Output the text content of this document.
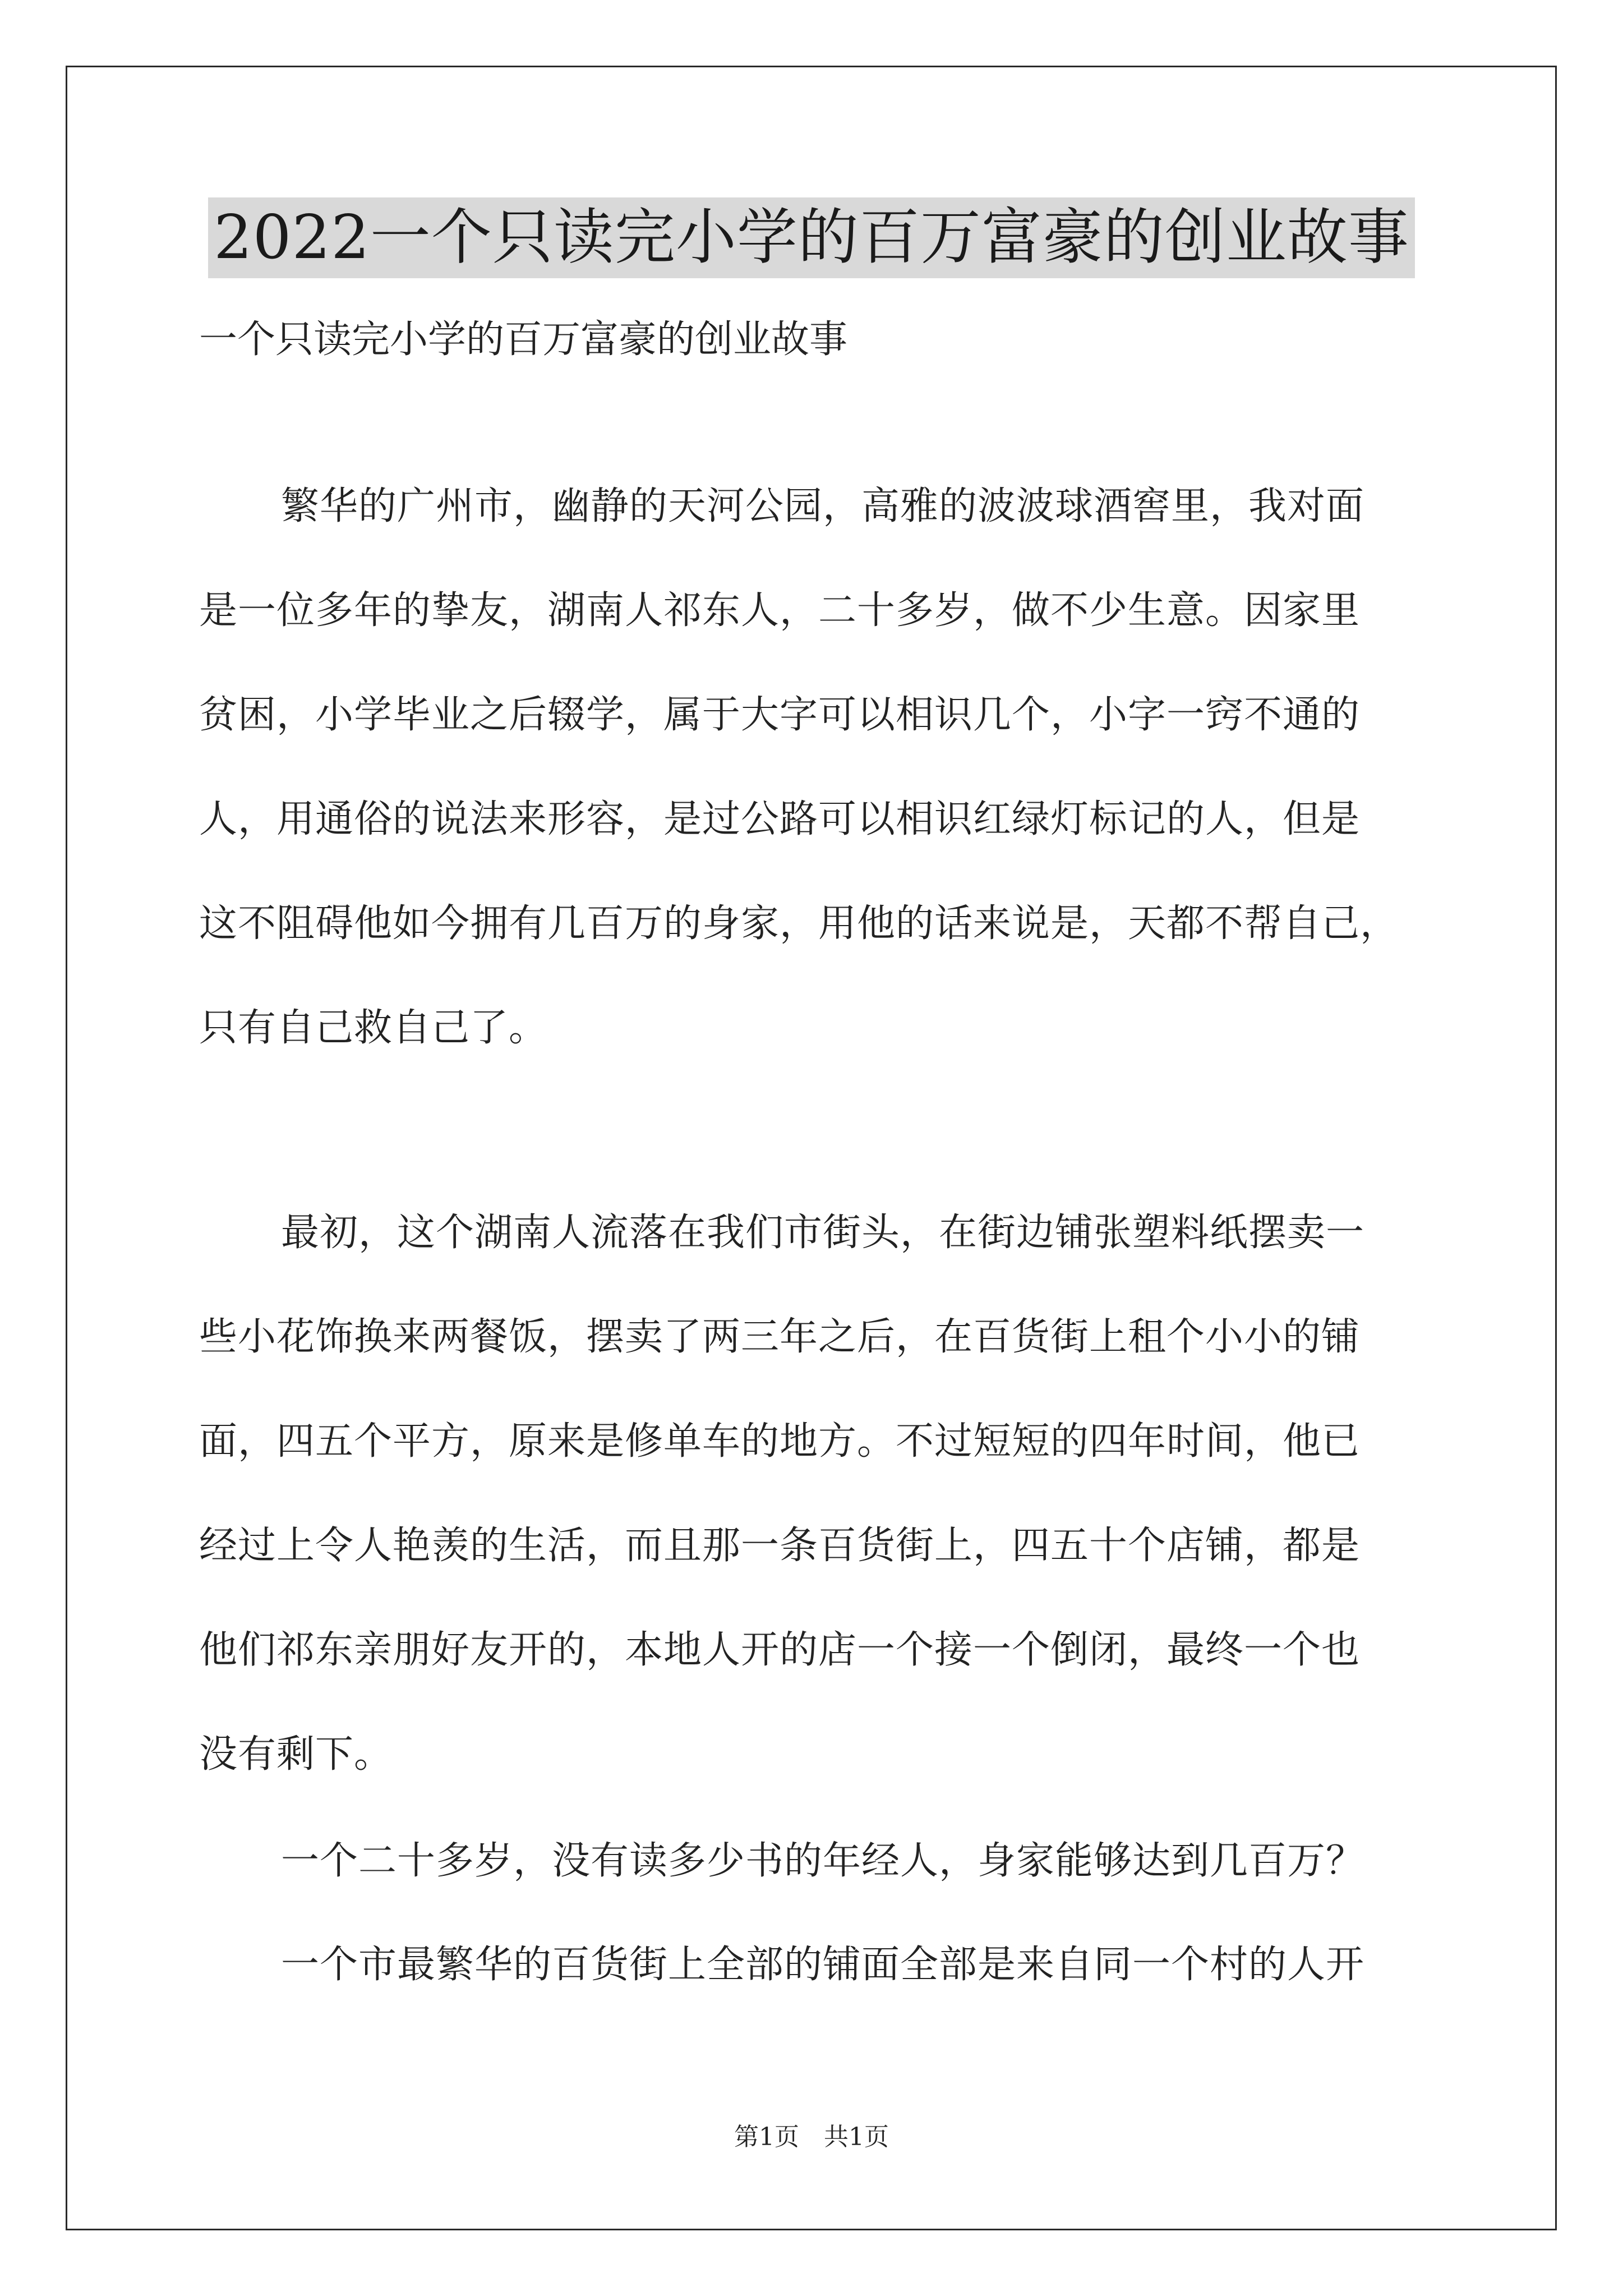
2022一个只读完小学的百万富豪的创业故事
一个只读完小学的百万富豪的创业故事
繁华的广州市，幽静的天河公园，高雅的波波球酒窖里，我对面
是一位多年的挚友，湖南人祁东人，二十多岁，做不少生意。因家里
贫困，小学毕业之后辍学，属于大字可以相识几个，小字一窍不通的
人，用通俗的说法来形容，是过公路可以相识红绿灯标记的人，但是
这不阻碍他如今拥有几百万的身家，用他的话来说是，天都不帮自己，
只有自己救自己了。
最初，这个湖南人流落在我们市街头，在街边铺张塑料纸摆卖一
些小花饰换来两餐饭，摆卖了两三年之后，在百货街上租个小小的铺
面，四五个平方，原来是修单车的地方。不过短短的四年时间，他已
经过上令人艳羡的生活，而且那一条百货街上，四五十个店铺，都是
他们祁东亲朋好友开的，本地人开的店一个接一个倒闭，最终一个也
没有剩下。
一个二十多岁，没有读多少书的年经人，身家能够达到几百万？
一个市最繁华的百货街上全部的铺面全部是来自同一个村的人开
第1页　共1页
